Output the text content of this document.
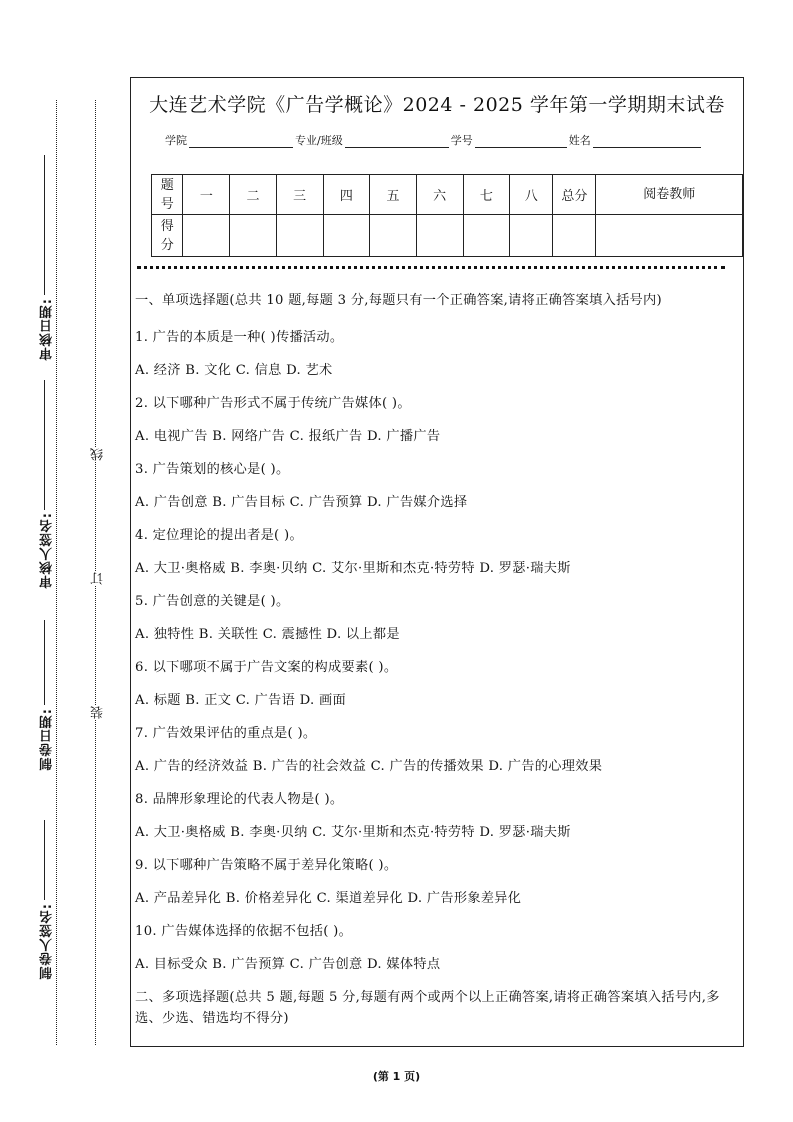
审核日期:
审核人签名:
制卷日期:
制卷人签名:
线
订
装
大连艺术学院《广告学概论》2024 - 2025 学年第一学期期末试卷
学院	专业/班级	学号	姓名
题号	一	二	三	四	五	六	七	八	总分	阅卷教师
得分										

一、单项选择题(总共 10 题,每题 3 分,每题只有一个正确答案,请将正确答案填入括号内)

1. 广告的本质是一种( )传播活动。

A. 经济 B. 文化 C. 信息 D. 艺术

2. 以下哪种广告形式不属于传统广告媒体( )。

A. 电视广告 B. 网络广告 C. 报纸广告 D. 广播广告

3. 广告策划的核心是( )。

A. 广告创意 B. 广告目标 C. 广告预算 D. 广告媒介选择

4. 定位理论的提出者是( )。

A. 大卫·奥格威 B. 李奥·贝纳 C. 艾尔·里斯和杰克·特劳特 D. 罗瑟·瑞夫斯

5. 广告创意的关键是( )。

A. 独特性 B. 关联性 C. 震撼性 D. 以上都是

6. 以下哪项不属于广告文案的构成要素( )。

A. 标题 B. 正文 C. 广告语 D. 画面

7. 广告效果评估的重点是( )。

A. 广告的经济效益 B. 广告的社会效益 C. 广告的传播效果 D. 广告的心理效果

8. 品牌形象理论的代表人物是( )。

A. 大卫·奥格威 B. 李奥·贝纳 C. 艾尔·里斯和杰克·特劳特 D. 罗瑟·瑞夫斯

9. 以下哪种广告策略不属于差异化策略( )。

A. 产品差异化 B. 价格差异化 C. 渠道差异化 D. 广告形象差异化

10. 广告媒体选择的依据不包括( )。

A. 目标受众 B. 广告预算 C. 广告创意 D. 媒体特点

二、多项选择题(总共 5 题,每题 5 分,每题有两个或两个以上正确答案,请将正确答案填入括号内,多选、少选、错选均不得分)

(第 1 页)
